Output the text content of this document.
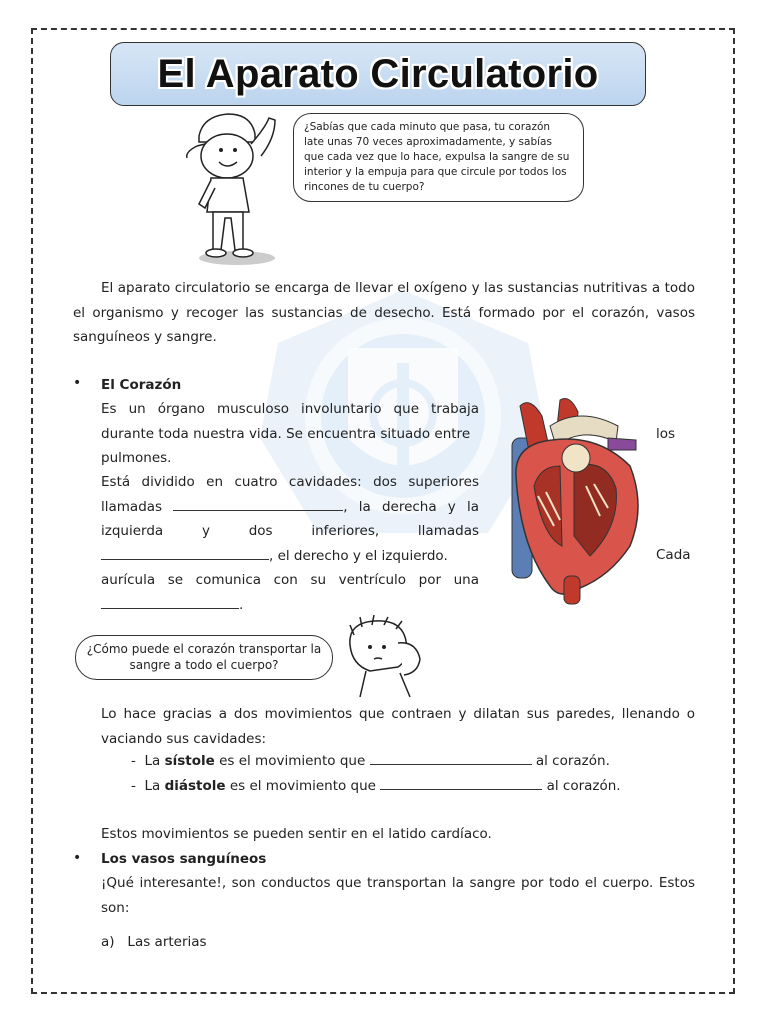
El Aparato Circulatorio
¿Sabías que cada minuto que pasa, tu corazón late unas 70 veces aproximadamente, y sabías que cada vez que lo hace, expulsa la sangre de su interior y la empuja para que circule por todos los rincones de tu cuerpo?
El aparato circulatorio se encarga de llevar el oxígeno y las sustancias nutritivas a todo el organismo y recoger las sustancias de desecho. Está formado por el corazón, vasos sanguíneos y sangre.
• El Corazón
Es un órgano musculoso involuntario que trabaja durante toda nuestra vida. Se encuentra situado entre	los
pulmones.
Está dividido en cuatro cavidades: dos superiores llamadas	, la derecha y la izquierda y dos inferiores, llamadas , el derecho y el izquierdo.	Cada
aurícula se comunica con su ventrículo por una .
¿Cómo puede el corazón transportar la sangre a todo el cuerpo?
Lo hace gracias a dos movimientos que contraen y dilatan sus paredes, llenando o vaciando sus cavidades:
- La sístole es el movimiento que	al corazón.
- La diástole es el movimiento que	al corazón.
Estos movimientos se pueden sentir en el latido cardíaco.
• Los vasos sanguíneos
¡Qué interesante!, son conductos que transportan la sangre por todo el cuerpo. Estos son:
a) Las arterias
